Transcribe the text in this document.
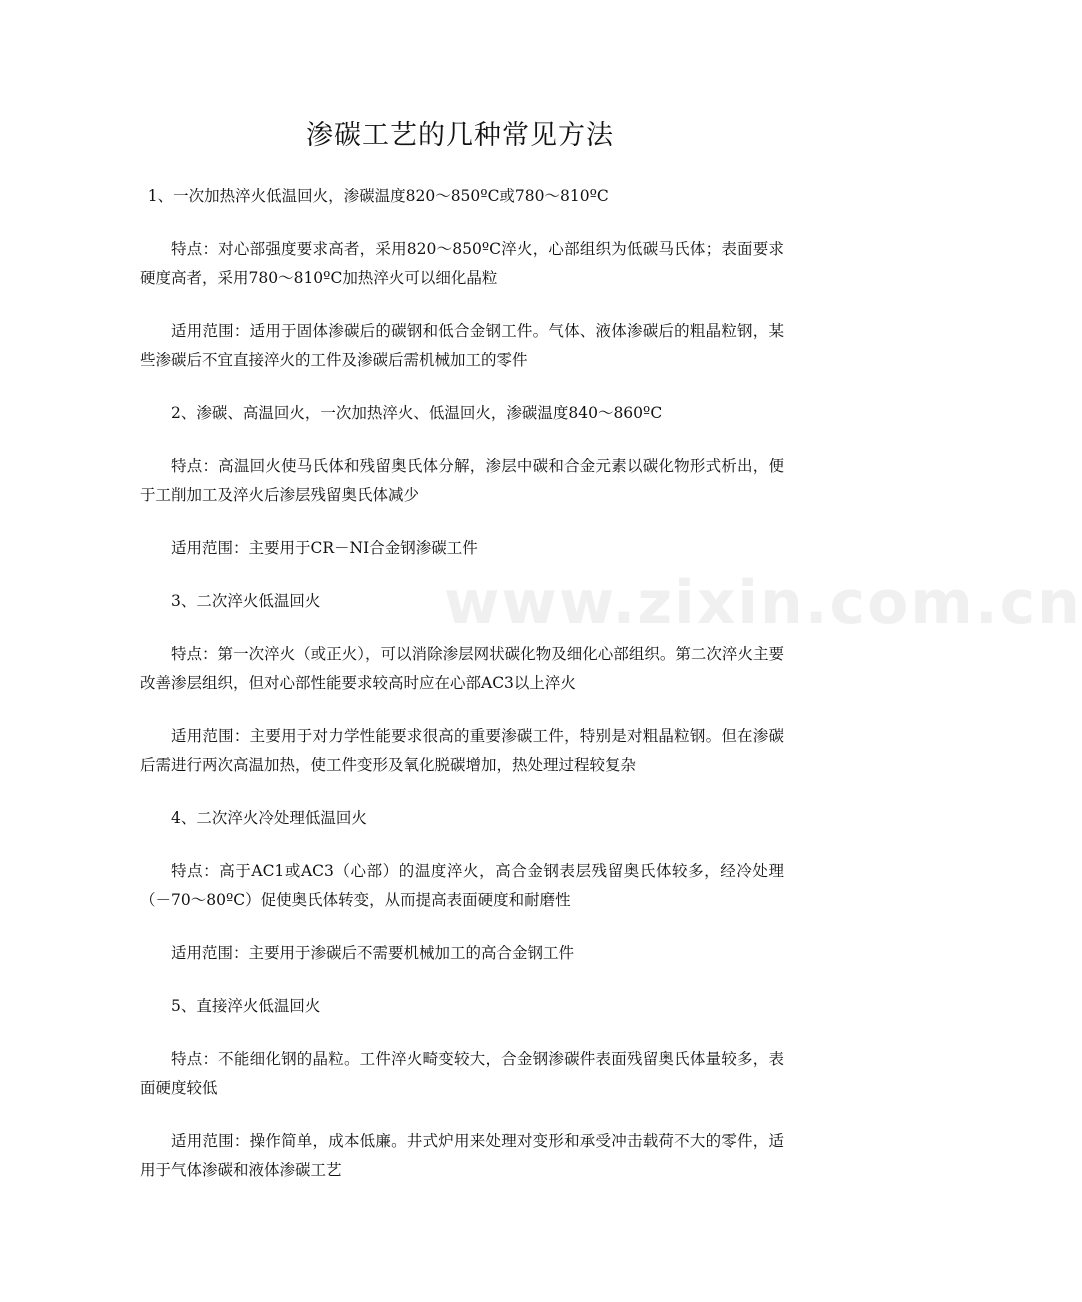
www.zixin.com.cn
渗碳工艺的几种常见方法

1、一次加热淬火低温回火，渗碳温度820～850ºC或780～810ºC

特点：对心部强度要求高者，采用820～850ºC淬火，心部组织为低碳马氏体；表面要求硬度高者，采用780～810ºC加热淬火可以细化晶粒

适用范围：适用于固体渗碳后的碳钢和低合金钢工件。气体、液体渗碳后的粗晶粒钢，某些渗碳后不宜直接淬火的工件及渗碳后需机械加工的零件

2、渗碳、高温回火，一次加热淬火、低温回火，渗碳温度840～860ºC

特点：高温回火使马氏体和残留奥氏体分解，渗层中碳和合金元素以碳化物形式析出，便于工削加工及淬火后渗层残留奥氏体减少

适用范围：主要用于CR－NI合金钢渗碳工件

3、二次淬火低温回火

特点：第一次淬火（或正火），可以消除渗层网状碳化物及细化心部组织。第二次淬火主要改善渗层组织，但对心部性能要求较高时应在心部AC3以上淬火

适用范围：主要用于对力学性能要求很高的重要渗碳工件，特别是对粗晶粒钢。但在渗碳后需进行两次高温加热，使工件变形及氧化脱碳增加，热处理过程较复杂

4、二次淬火冷处理低温回火

特点：高于AC1或AC3（心部）的温度淬火，高合金钢表层残留奥氏体较多，经冷处理（－70～80ºC）促使奥氏体转变，从而提高表面硬度和耐磨性

适用范围：主要用于渗碳后不需要机械加工的高合金钢工件

5、直接淬火低温回火

特点：不能细化钢的晶粒。工件淬火畸变较大，合金钢渗碳件表面残留奥氏体量较多，表面硬度较低

适用范围：操作简单，成本低廉。井式炉用来处理对变形和承受冲击载荷不大的零件，适用于气体渗碳和液体渗碳工艺
